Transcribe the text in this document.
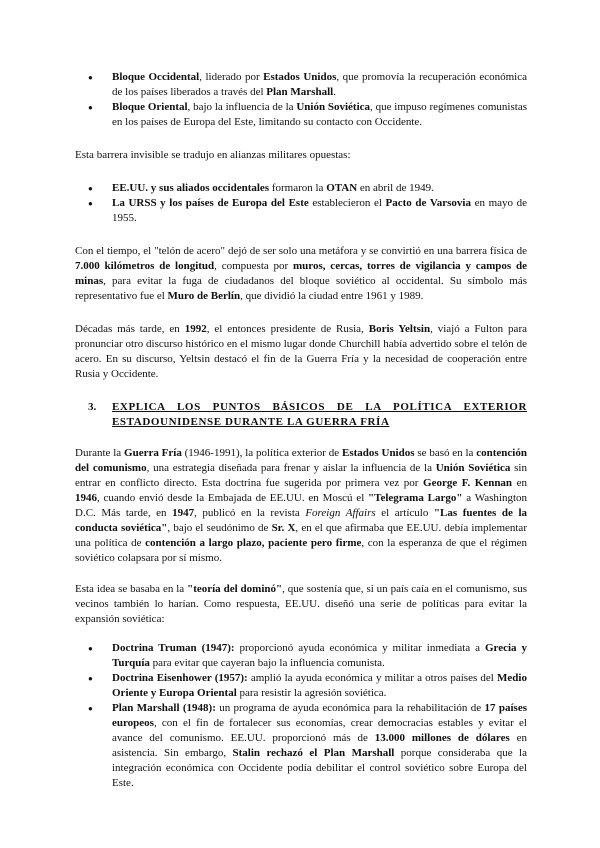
● Bloque Occidental, liderado por Estados Unidos, que promovía la recuperación económica de los países liberados a través del Plan Marshall.
● Bloque Oriental, bajo la influencia de la Unión Soviética, que impuso regímenes comunistas en los países de Europa del Este, limitando su contacto con Occidente.

Esta barrera invisible se tradujo en alianzas militares opuestas:

● EE.UU. y sus aliados occidentales formaron la OTAN en abril de 1949.
● La URSS y los países de Europa del Este establecieron el Pacto de Varsovia en mayo de 1955.

Con el tiempo, el "telón de acero" dejó de ser solo una metáfora y se convirtió en una barrera física de 7.000 kilómetros de longitud, compuesta por muros, cercas, torres de vigilancia y campos de minas, para evitar la fuga de ciudadanos del bloque soviético al occidental. Su símbolo más representativo fue el Muro de Berlín, que dividió la ciudad entre 1961 y 1989.

Décadas más tarde, en 1992, el entonces presidente de Rusia, Boris Yeltsin, viajó a Fulton para pronunciar otro discurso histórico en el mismo lugar donde Churchill había advertido sobre el telón de acero. En su discurso, Yeltsin destacó el fin de la Guerra Fría y la necesidad de cooperación entre Rusia y Occidente.

3.	EXPLICA LOS PUNTOS BÁSICOS DE LA POLÍTICA EXTERIOR ESTADOUNIDENSE DURANTE LA GUERRA FRÍA

Durante la Guerra Fría (1946-1991), la política exterior de Estados Unidos se basó en la contención del comunismo, una estrategia diseñada para frenar y aislar la influencia de la Unión Soviética sin entrar en conflicto directo. Esta doctrina fue sugerida por primera vez por George F. Kennan en 1946, cuando envió desde la Embajada de EE.UU. en Moscú el "Telegrama Largo" a Washington D.C. Más tarde, en 1947, publicó en la revista Foreign Affairs el artículo "Las fuentes de la conducta soviética", bajo el seudónimo de Sr. X, en el que afirmaba que EE.UU. debía implementar una política de contención a largo plazo, paciente pero firme, con la esperanza de que el régimen soviético colapsara por sí mismo.

Esta idea se basaba en la "teoría del dominó", que sostenía que, si un país caía en el comunismo, sus vecinos también lo harían. Como respuesta, EE.UU. diseñó una serie de políticas para evitar la expansión soviética:

● Doctrina Truman (1947): proporcionó ayuda económica y militar inmediata a Grecia y Turquía para evitar que cayeran bajo la influencia comunista.
● Doctrina Eisenhower (1957): amplió la ayuda económica y militar a otros países del Medio Oriente y Europa Oriental para resistir la agresión soviética.
● Plan Marshall (1948): un programa de ayuda económica para la rehabilitación de 17 países europeos, con el fin de fortalecer sus economías, crear democracias estables y evitar el avance del comunismo. EE.UU. proporcionó más de 13.000 millones de dólares en asistencia. Sin embargo, Stalin rechazó el Plan Marshall porque consideraba que la integración económica con Occidente podía debilitar el control soviético sobre Europa del Este.
